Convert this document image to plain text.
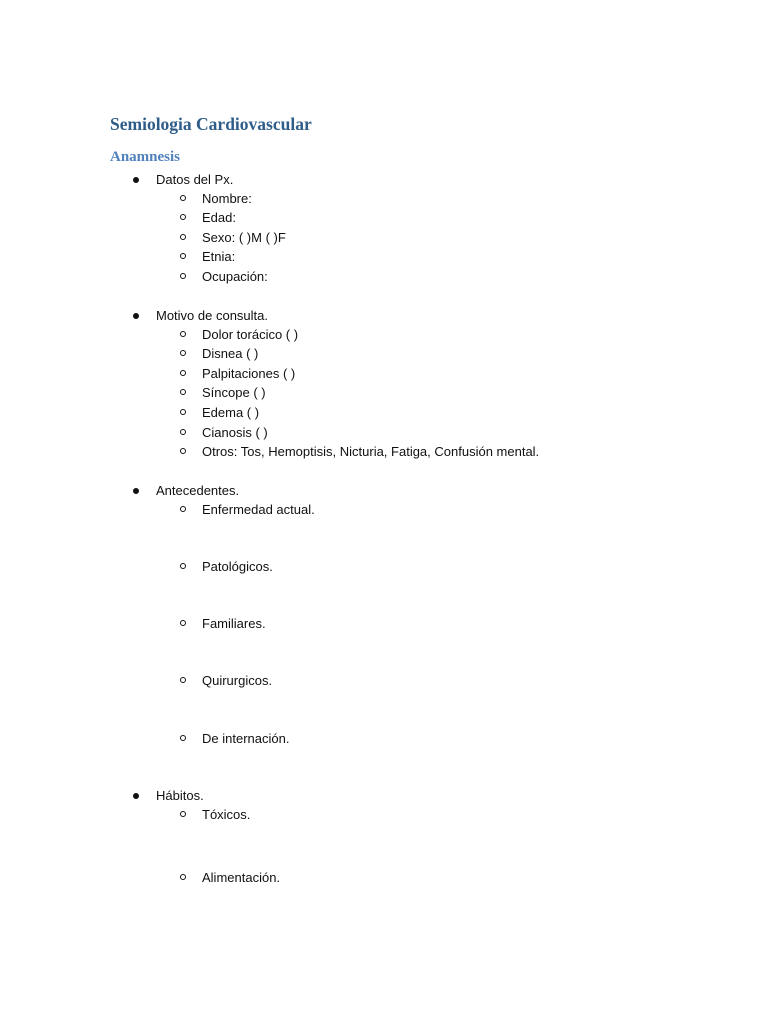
Semiologia Cardiovascular
Anamnesis
Datos del Px.
Nombre:
Edad:
Sexo: ( )M ( )F
Etnia:
Ocupación:
Motivo de consulta.
Dolor torácico ( )
Disnea ( )
Palpitaciones ( )
Síncope ( )
Edema ( )
Cianosis ( )
Otros: Tos, Hemoptisis, Nicturia, Fatiga, Confusión mental.
Antecedentes.
Enfermedad actual.
Patológicos.
Familiares.
Quirurgicos.
De internación.
Hábitos.
Tóxicos.
Alimentación.
